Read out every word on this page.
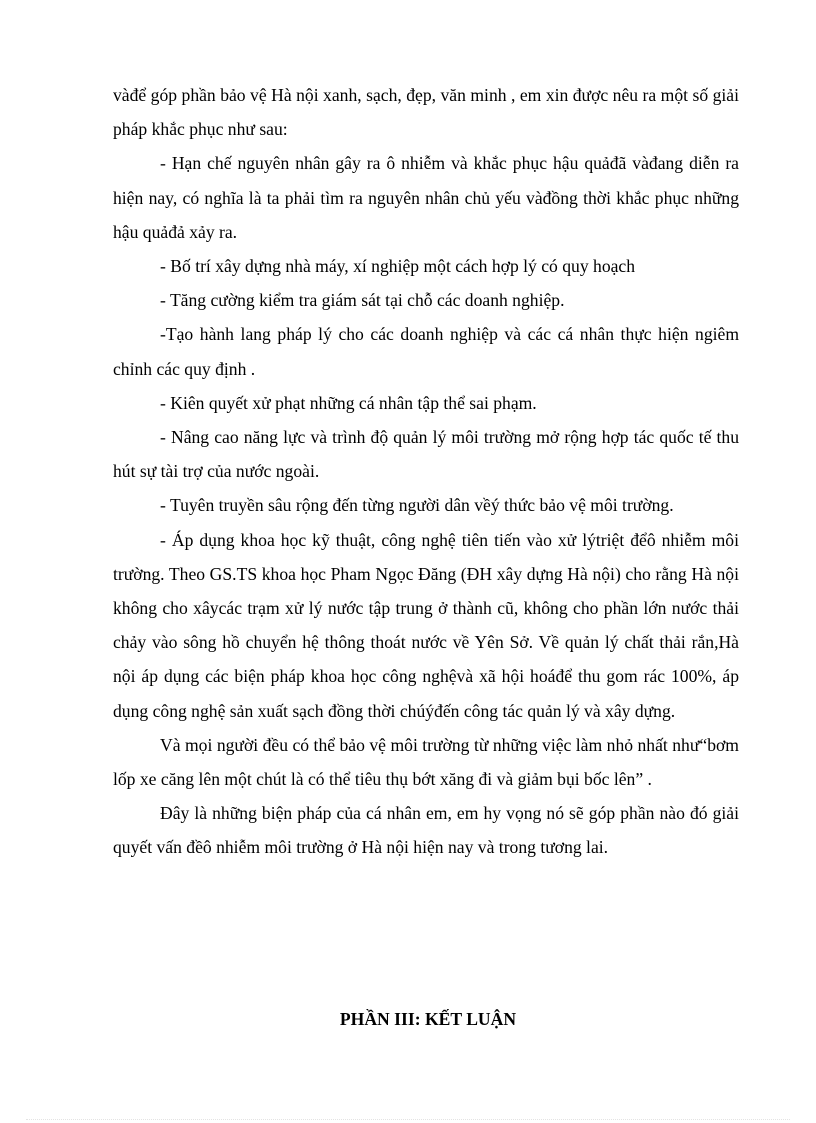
vàđể góp phần bảo vệ Hà nội xanh, sạch, đẹp, văn minh , em xin được nêu ra một số giải pháp khắc phục như sau:

- Hạn chế nguyên nhân gây ra ô nhiễm và khắc phục hậu quảđã vàđang diễn ra hiện nay, có nghĩa là ta phải tìm ra nguyên nhân chủ yếu vàđồng thời khắc phục những hậu quảđả xảy ra.

- Bố trí xây dựng nhà máy, xí nghiệp một cách hợp lý có quy hoạch

- Tăng cường kiểm tra giám sát tại chỗ các doanh nghiệp.

-Tạo hành lang pháp lý cho các doanh nghiệp và các cá nhân thực hiện ngiêm chỉnh các quy định .

- Kiên quyết xử phạt những cá nhân tập thể sai phạm.

- Nâng cao năng lực và trình độ quản lý môi trường mở rộng hợp tác quốc tế thu hút sự tài trợ của nước ngoài.

- Tuyên truyền sâu rộng đến từng người dân vềý thức bảo vệ môi trường.

- Áp dụng khoa học kỹ thuật, công nghệ tiên tiến vào xử lýtriệt đểô nhiễm môi trường. Theo GS.TS khoa học Pham Ngọc Đăng (ĐH xây dựng Hà nội) cho rằng Hà nội không cho xâycác trạm xử lý nước tập trung ở thành cũ, không cho phần lớn nước thải chảy vào sông hồ chuyển hệ thông thoát nước về Yên Sở. Về quản lý chất thải rắn,Hà nội áp dụng các biện pháp khoa học công nghệvà xã hội hoáđể thu gom rác 100%, áp dụng công nghệ sản xuất sạch đồng thời chúýđến công tác quản lý và xây dựng.

Và mọi người đều có thể bảo vệ môi trường từ những việc làm nhỏ nhất như“bơm lốp xe căng lên một chút là có thể tiêu thụ bớt xăng đi và giảm bụi bốc lên” .

Đây là những biện pháp của cá nhân em, em hy vọng nó sẽ góp phần nào đó giải quyết vấn đềô nhiễm môi trường ở Hà nội hiện nay và trong tương lai.

PHẦN III: KẾT LUẬN
